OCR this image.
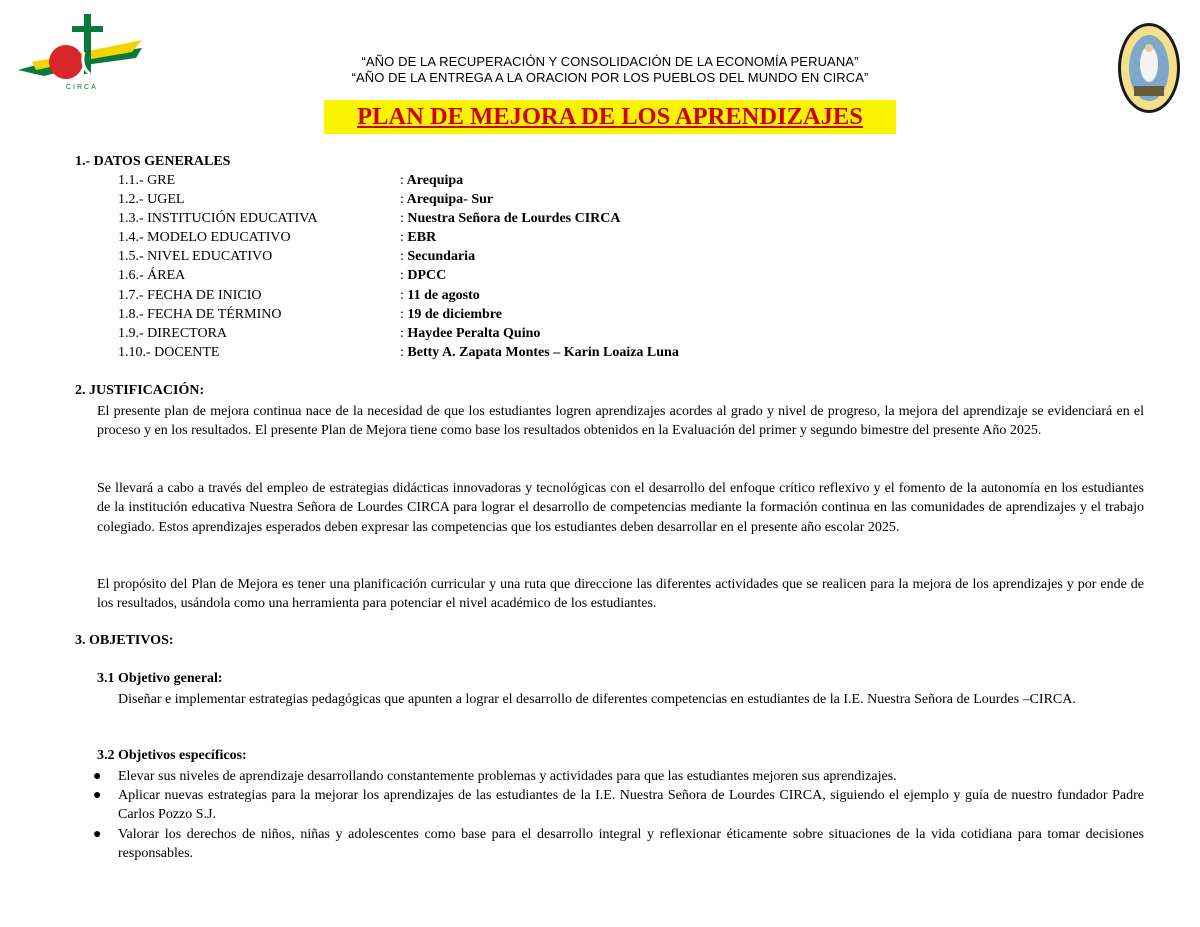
CIRCA
“AÑO DE LA RECUPERACIÓN Y CONSOLIDACIÓN DE LA ECONOMÍA PERUANA”
“AÑO DE LA ENTREGA A LA ORACION POR LOS PUEBLOS DEL MUNDO EN CIRCA”
PLAN DE MEJORA DE LOS APRENDIZAJES
1.- DATOS GENERALES
1.1.- GRE	: Arequipa
1.2.- UGEL	: Arequipa- Sur
1.3.- INSTITUCIÓN EDUCATIVA	: Nuestra Señora de Lourdes CIRCA
1.4.- MODELO EDUCATIVO	: EBR
1.5.- NIVEL EDUCATIVO	: Secundaria
1.6.- ÁREA	: DPCC
1.7.- FECHA DE INICIO	: 11 de agosto
1.8.- FECHA DE TÉRMINO	: 19 de diciembre
1.9.- DIRECTORA	: Haydee Peralta Quino
1.10.- DOCENTE	: Betty A. Zapata Montes – Karin Loaiza Luna
2. JUSTIFICACIÓN:
El presente plan de mejora continua nace de la necesidad de que los estudiantes logren aprendizajes acordes al grado y nivel de progreso, la mejora del aprendizaje se evidenciará en el proceso y en los resultados. El presente Plan de Mejora tiene como base los resultados obtenidos en la Evaluación del primer y segundo bimestre del presente Año 2025.
Se llevará a cabo a través del empleo de estrategias didácticas innovadoras y tecnológicas con el desarrollo del enfoque crítico reflexivo y el fomento de la autonomía en los estudiantes de la institución educativa Nuestra Señora de Lourdes CIRCA para lograr el desarrollo de competencias mediante la formación continua en las comunidades de aprendizajes y el trabajo colegiado. Estos aprendizajes esperados deben expresar las competencias que los estudiantes deben desarrollar en el presente año escolar 2025.
El propósito del Plan de Mejora es tener una planificación curricular y una ruta que direccione las diferentes actividades que se realicen para la mejora de los aprendizajes y por ende de los resultados, usándola como una herramienta para potenciar el nivel académico de los estudiantes.
3. OBJETIVOS:
3.1 Objetivo general:
Diseñar e implementar estrategias pedagógicas que apunten a lograr el desarrollo de diferentes competencias en estudiantes de la I.E. Nuestra Señora de Lourdes –CIRCA.
3.2 Objetivos específicos:
● Elevar sus niveles de aprendizaje desarrollando constantemente problemas y actividades para que las estudiantes mejoren sus aprendizajes.
● Aplicar nuevas estrategias para la mejorar los aprendizajes de las estudiantes de la I.E. Nuestra Señora de Lourdes CIRCA, siguiendo el ejemplo y guía de nuestro fundador Padre Carlos Pozzo S.J.
● Valorar los derechos de niños, niñas y adolescentes como base para el desarrollo integral y reflexionar éticamente sobre situaciones de la vida cotidiana para tomar decisiones responsables.
